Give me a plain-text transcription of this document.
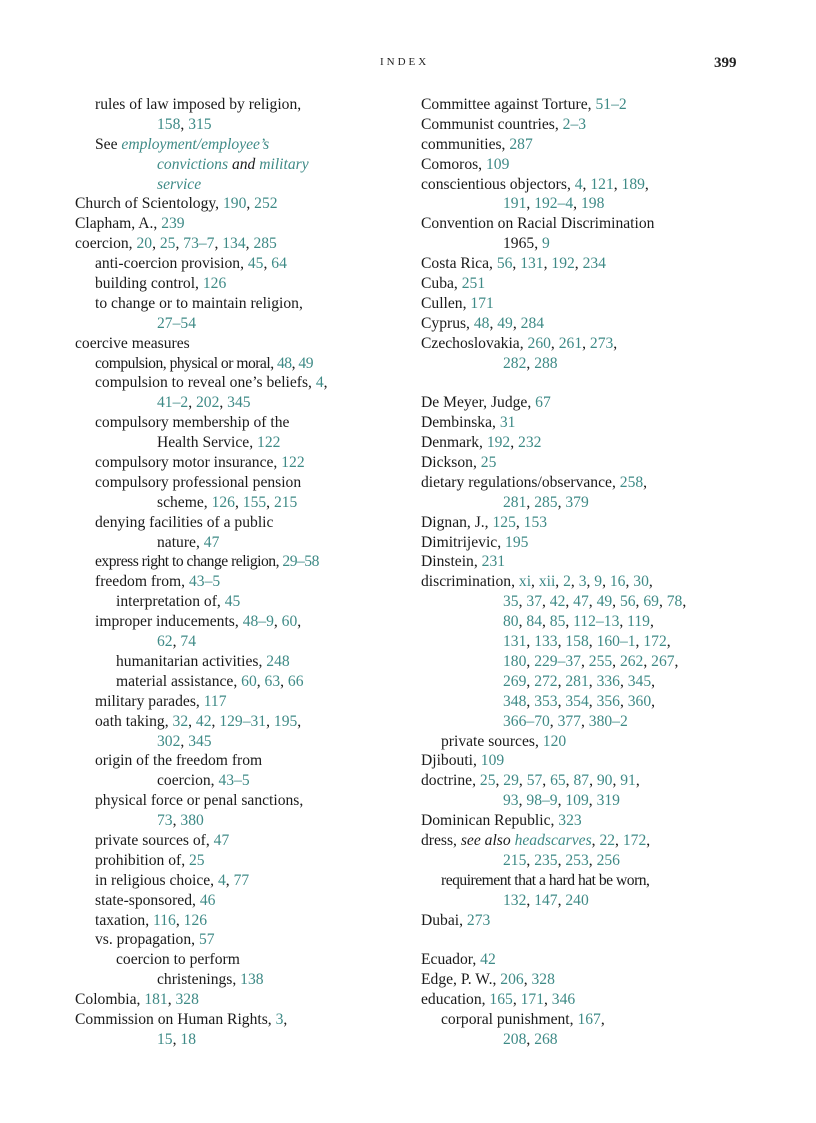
INDEX	399
rules of law imposed by religion,
158, 315
See employment/employee’s
convictions and military
service
Church of Scientology, 190, 252
Clapham, A., 239
coercion, 20, 25, 73–7, 134, 285
anti-coercion provision, 45, 64
building control, 126
to change or to maintain religion,
27–54
coercive measures
compulsion, physical or moral, 48, 49
compulsion to reveal one’s beliefs, 4,
41–2, 202, 345
compulsory membership of the
Health Service, 122
compulsory motor insurance, 122
compulsory professional pension
scheme, 126, 155, 215
denying facilities of a public
nature, 47
express right to change religion, 29–58
freedom from, 43–5
interpretation of, 45
improper inducements, 48–9, 60,
62, 74
humanitarian activities, 248
material assistance, 60, 63, 66
military parades, 117
oath taking, 32, 42, 129–31, 195,
302, 345
origin of the freedom from
coercion, 43–5
physical force or penal sanctions,
73, 380
private sources of, 47
prohibition of, 25
in religious choice, 4, 77
state-sponsored, 46
taxation, 116, 126
vs. propagation, 57
coercion to perform
christenings, 138
Colombia, 181, 328
Commission on Human Rights, 3,
15, 18
Committee against Torture, 51–2
Communist countries, 2–3
communities, 287
Comoros, 109
conscientious objectors, 4, 121, 189,
191, 192–4, 198
Convention on Racial Discrimination
1965, 9
Costa Rica, 56, 131, 192, 234
Cuba, 251
Cullen, 171
Cyprus, 48, 49, 284
Czechoslovakia, 260, 261, 273,
282, 288
De Meyer, Judge, 67
Dembinska, 31
Denmark, 192, 232
Dickson, 25
dietary regulations/observance, 258,
281, 285, 379
Dignan, J., 125, 153
Dimitrijevic, 195
Dinstein, 231
discrimination, xi, xii, 2, 3, 9, 16, 30,
35, 37, 42, 47, 49, 56, 69, 78,
80, 84, 85, 112–13, 119,
131, 133, 158, 160–1, 172,
180, 229–37, 255, 262, 267,
269, 272, 281, 336, 345,
348, 353, 354, 356, 360,
366–70, 377, 380–2
private sources, 120
Djibouti, 109
doctrine, 25, 29, 57, 65, 87, 90, 91,
93, 98–9, 109, 319
Dominican Republic, 323
dress, see also headscarves, 22, 172,
215, 235, 253, 256
requirement that a hard hat be worn,
132, 147, 240
Dubai, 273
Ecuador, 42
Edge, P. W., 206, 328
education, 165, 171, 346
corporal punishment, 167,
208, 268
